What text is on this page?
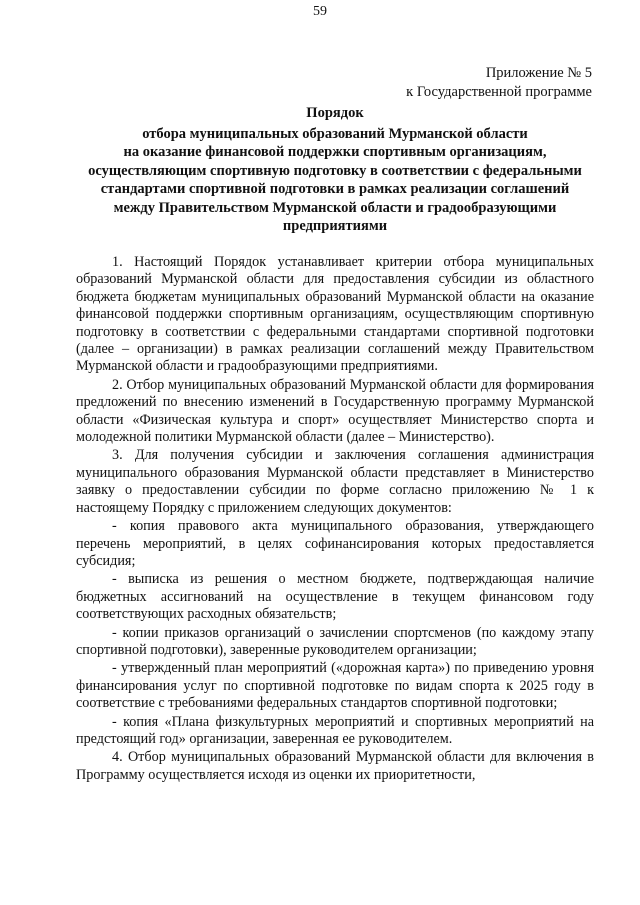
59
Приложение № 5
к Государственной программе
Порядок
отбора муниципальных образований Мурманской области
на оказание финансовой поддержки спортивным организациям,
осуществляющим спортивную подготовку в соответствии с федеральными
стандартами спортивной подготовки в рамках реализации соглашений
между Правительством Мурманской области и градообразующими
предприятиями

1. Настоящий Порядок устанавливает критерии отбора муниципальных образований Мурманской области для предоставления субсидии из областного бюджета бюджетам муниципальных образований Мурманской области на оказание финансовой поддержки спортивным организациям, осуществляющим спортивную подготовку в соответствии с федеральными стандартами спортивной подготовки (далее – организации) в рамках реализации соглашений между Правительством Мурманской области и градообразующими предприятиями.

2. Отбор муниципальных образований Мурманской области для формирования предложений по внесению изменений в Государственную программу Мурманской области «Физическая культура и спорт» осуществляет Министерство спорта и молодежной политики Мурманской области (далее – Министерство).

3. Для получения субсидии и заключения соглашения администрация муниципального образования Мурманской области представляет в Министерство заявку о предоставлении субсидии по форме согласно приложению № 1 к настоящему Порядку с приложением следующих документов:

- копия правового акта муниципального образования, утверждающего перечень мероприятий, в целях софинансирования которых предоставляется субсидия;

- выписка из решения о местном бюджете, подтверждающая наличие бюджетных ассигнований на осуществление в текущем финансовом году соответствующих расходных обязательств;

- копии приказов организаций о зачислении спортсменов (по каждому этапу спортивной подготовки), заверенные руководителем организации;

- утвержденный план мероприятий («дорожная карта») по приведению уровня финансирования услуг по спортивной подготовке по видам спорта к 2025 году в соответствие с требованиями федеральных стандартов спортивной подготовки;

- копия «Плана физкультурных мероприятий и спортивных мероприятий на предстоящий год» организации, заверенная ее руководителем.

4. Отбор муниципальных образований Мурманской области для включения в Программу осуществляется исходя из оценки их приоритетности,
